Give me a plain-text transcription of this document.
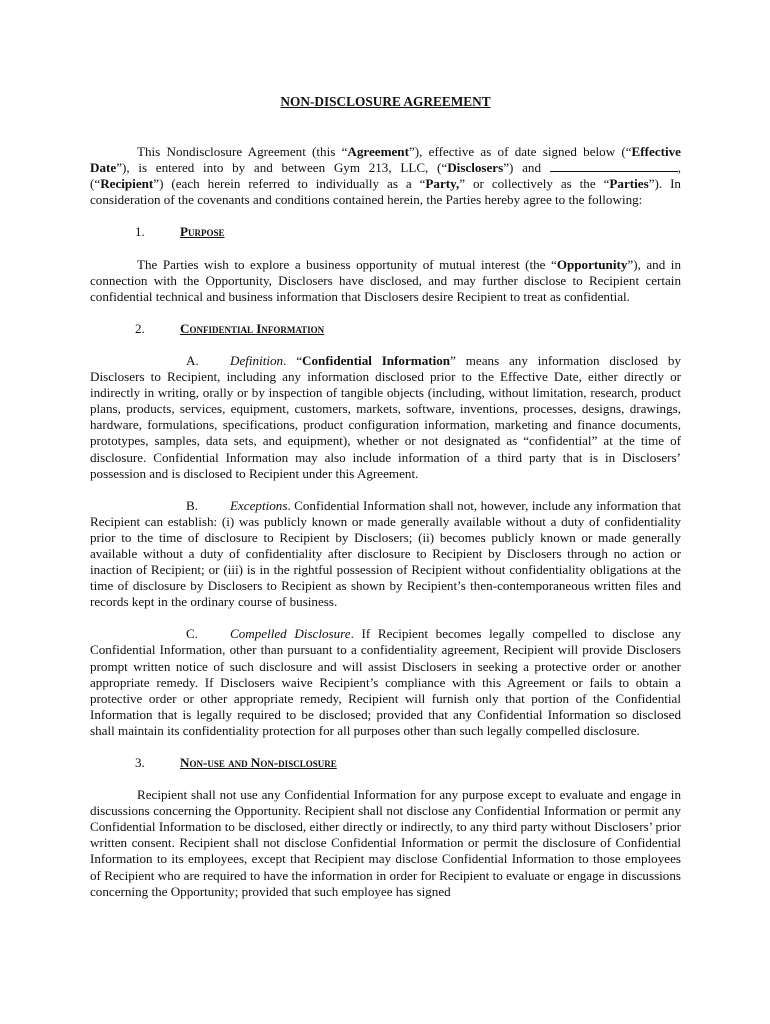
NON-DISCLOSURE AGREEMENT

This Nondisclosure Agreement (this “Agreement”), effective as of date signed below (“Effective Date”), is entered into by and between Gym 213, LLC, (“Disclosers”) and	, (“Recipient”) (each herein referred to individually as a “Party,” or collectively as the “Parties”). In consideration of the covenants and conditions contained herein, the Parties hereby agree to the following:

1.	Purpose

The Parties wish to explore a business opportunity of mutual interest (the “Opportunity”), and in connection with the Opportunity, Disclosers have disclosed, and may further disclose to Recipient certain confidential technical and business information that Disclosers desire Recipient to treat as confidential.

2.	Confidential Information

A. Definition. “Confidential Information” means any information disclosed by Disclosers to Recipient, including any information disclosed prior to the Effective Date, either directly or indirectly in writing, orally or by inspection of tangible objects (including, without limitation, research, product plans, products, services, equipment, customers, markets, software, inventions, processes, designs, drawings, hardware, formulations, specifications, product configuration information, marketing and finance documents, prototypes, samples, data sets, and equipment), whether or not designated as “confidential” at the time of disclosure. Confidential Information may also include information of a third party that is in Disclosers’ possession and is disclosed to Recipient under this Agreement.

B. Exceptions. Confidential Information shall not, however, include any information that Recipient can establish: (i) was publicly known or made generally available without a duty of confidentiality prior to the time of disclosure to Recipient by Disclosers; (ii) becomes publicly known or made generally available without a duty of confidentiality after disclosure to Recipient by Disclosers through no action or inaction of Recipient; or (iii) is in the rightful possession of Recipient without confidentiality obligations at the time of disclosure by Disclosers to Recipient as shown by Recipient’s then-contemporaneous written files and records kept in the ordinary course of business.

C. Compelled Disclosure. If Recipient becomes legally compelled to disclose any Confidential Information, other than pursuant to a confidentiality agreement, Recipient will provide Disclosers prompt written notice of such disclosure and will assist Disclosers in seeking a protective order or another appropriate remedy. If Disclosers waive Recipient’s compliance with this Agreement or fails to obtain a protective order or other appropriate remedy, Recipient will furnish only that portion of the Confidential Information that is legally required to be disclosed; provided that any Confidential Information so disclosed shall maintain its confidentiality protection for all purposes other than such legally compelled disclosure.

3.	Non-use and Non-disclosure

Recipient shall not use any Confidential Information for any purpose except to evaluate and engage in discussions concerning the Opportunity. Recipient shall not disclose any Confidential Information or permit any Confidential Information to be disclosed, either directly or indirectly, to any third party without Disclosers’ prior written consent. Recipient shall not disclose Confidential Information or permit the disclosure of Confidential Information to its employees, except that Recipient may disclose Confidential Information to those employees of Recipient who are required to have the information in order for Recipient to evaluate or engage in discussions concerning the Opportunity; provided that such employee has signed
